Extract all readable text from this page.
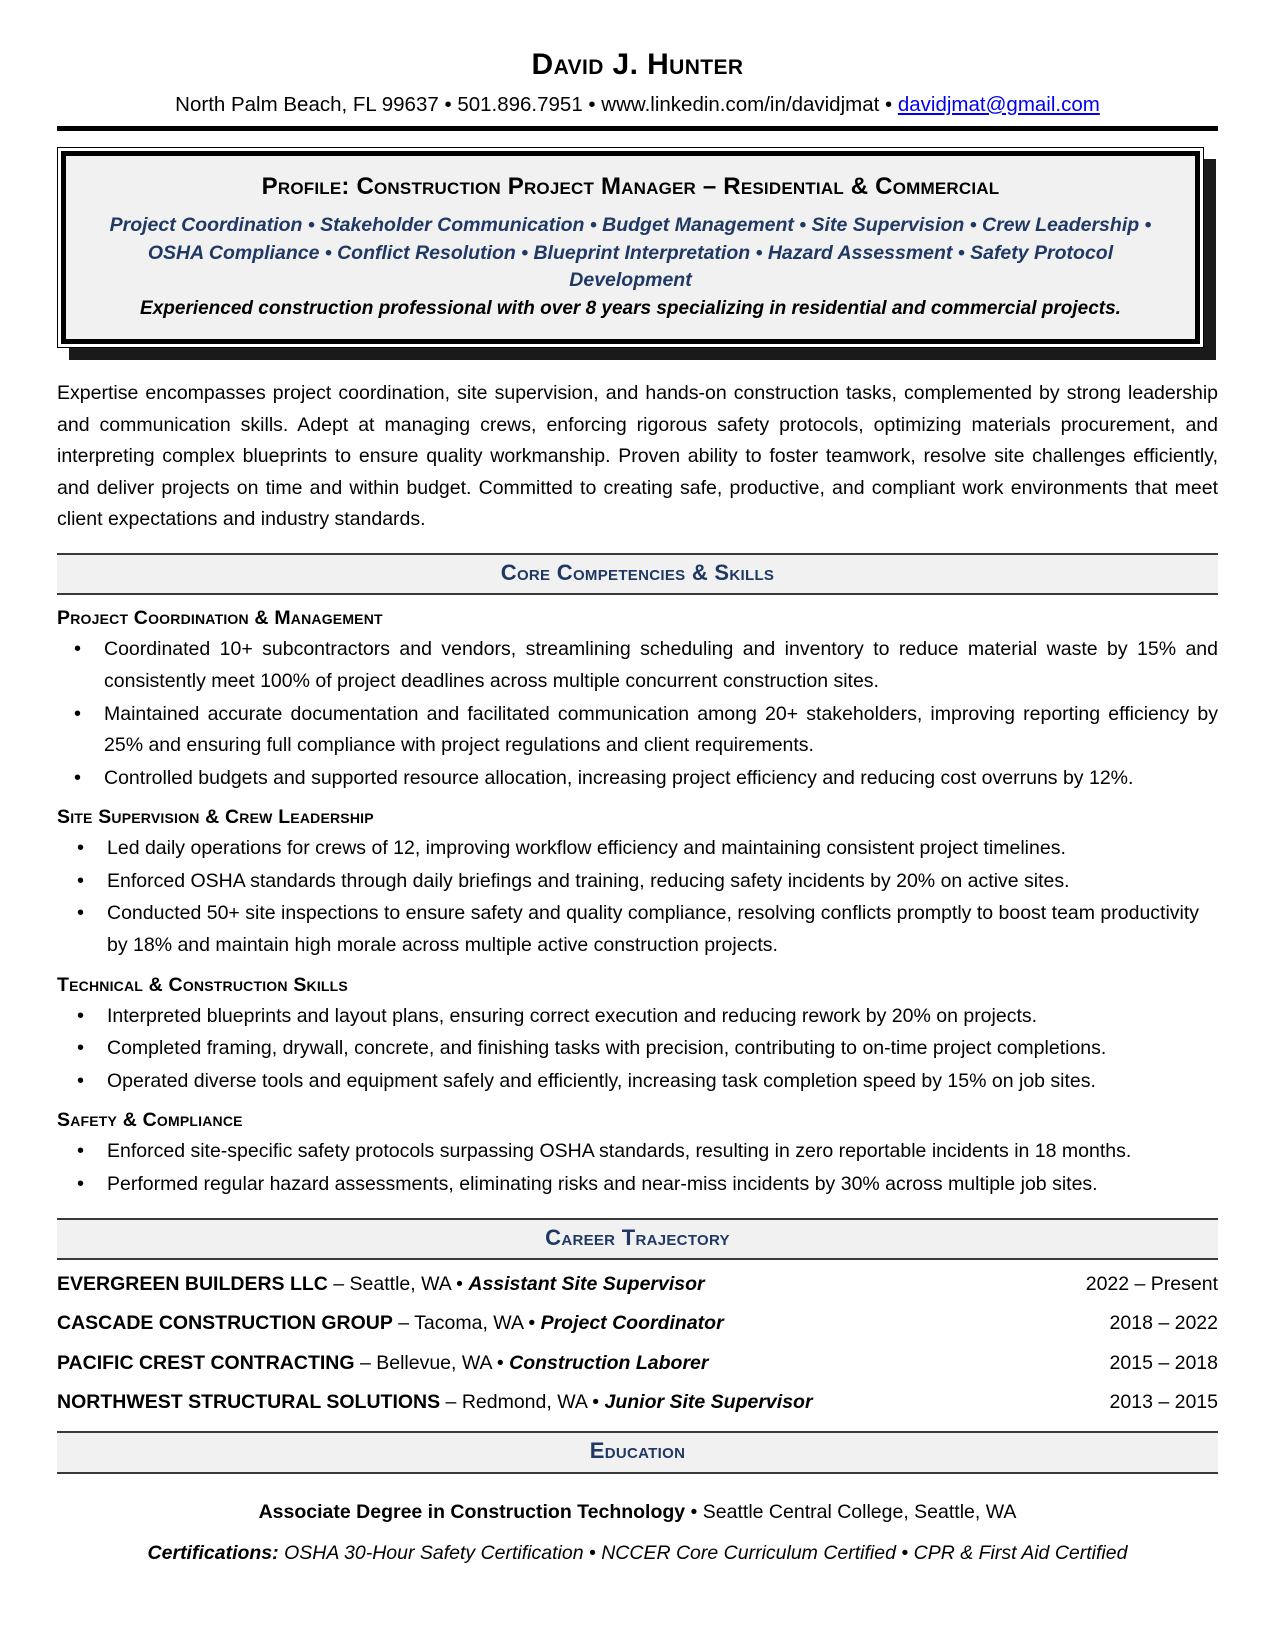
David J. Hunter
North Palm Beach, FL 99637 • 501.896.7951 • www.linkedin.com/in/davidjmat • davidjmat@gmail.com
Profile: Construction Project Manager – Residential & Commercial
Project Coordination • Stakeholder Communication • Budget Management • Site Supervision • Crew Leadership • OSHA Compliance • Conflict Resolution • Blueprint Interpretation • Hazard Assessment • Safety Protocol Development
Experienced construction professional with over 8 years specializing in residential and commercial projects.
Expertise encompasses project coordination, site supervision, and hands-on construction tasks, complemented by strong leadership and communication skills. Adept at managing crews, enforcing rigorous safety protocols, optimizing materials procurement, and interpreting complex blueprints to ensure quality workmanship. Proven ability to foster teamwork, resolve site challenges efficiently, and deliver projects on time and within budget. Committed to creating safe, productive, and compliant work environments that meet client expectations and industry standards.
Core Competencies & Skills
Project Coordination & Management
• Coordinated 10+ subcontractors and vendors, streamlining scheduling and inventory to reduce material waste by 15% and consistently meet 100% of project deadlines across multiple concurrent construction sites.
• Maintained accurate documentation and facilitated communication among 20+ stakeholders, improving reporting efficiency by 25% and ensuring full compliance with project regulations and client requirements.
• Controlled budgets and supported resource allocation, increasing project efficiency and reducing cost overruns by 12%.
Site Supervision & Crew Leadership
• Led daily operations for crews of 12, improving workflow efficiency and maintaining consistent project timelines.
• Enforced OSHA standards through daily briefings and training, reducing safety incidents by 20% on active sites.
• Conducted 50+ site inspections to ensure safety and quality compliance, resolving conflicts promptly to boost team productivity by 18% and maintain high morale across multiple active construction projects.
Technical & Construction Skills
• Interpreted blueprints and layout plans, ensuring correct execution and reducing rework by 20% on projects.
• Completed framing, drywall, concrete, and finishing tasks with precision, contributing to on-time project completions.
• Operated diverse tools and equipment safely and efficiently, increasing task completion speed by 15% on job sites.
Safety & Compliance
• Enforced site-specific safety protocols surpassing OSHA standards, resulting in zero reportable incidents in 18 months.
• Performed regular hazard assessments, eliminating risks and near-miss incidents by 30% across multiple job sites.
Career Trajectory
EVERGREEN BUILDERS LLC – Seattle, WA • Assistant Site Supervisor	2022 – Present
CASCADE CONSTRUCTION GROUP – Tacoma, WA • Project Coordinator	2018 – 2022
PACIFIC CREST CONTRACTING – Bellevue, WA • Construction Laborer	2015 – 2018
NORTHWEST STRUCTURAL SOLUTIONS – Redmond, WA • Junior Site Supervisor	2013 – 2015
Education
Associate Degree in Construction Technology • Seattle Central College, Seattle, WA
Certifications: OSHA 30-Hour Safety Certification • NCCER Core Curriculum Certified • CPR & First Aid Certified
